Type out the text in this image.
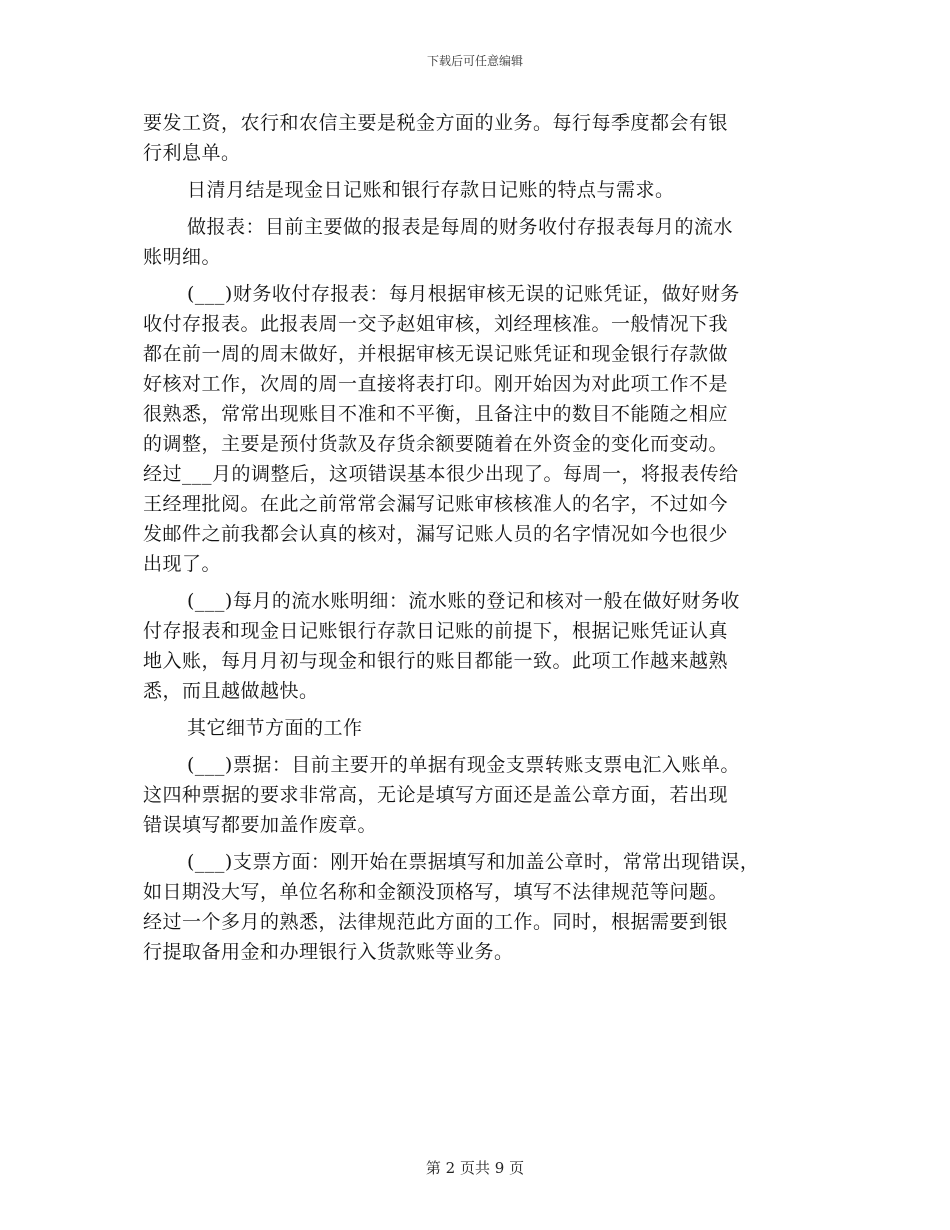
下载后可任意编辑
要发工资，农行和农信主要是税金方面的业务。每行每季度都会有银
行利息单。
日清月结是现金日记账和银行存款日记账的特点与需求。
做报表：目前主要做的报表是每周的财务收付存报表每月的流水
账明细。
(___)财务收付存报表：每月根据审核无误的记账凭证，做好财务
收付存报表。此报表周一交予赵姐审核，刘经理核准。一般情况下我
都在前一周的周末做好，并根据审核无误记账凭证和现金银行存款做
好核对工作，次周的周一直接将表打印。刚开始因为对此项工作不是
很熟悉，常常出现账目不准和不平衡，且备注中的数目不能随之相应
的调整，主要是预付货款及存货余额要随着在外资金的变化而变动。
经过___月的调整后，这项错误基本很少出现了。每周一，将报表传给
王经理批阅。在此之前常常会漏写记账审核核准人的名字，不过如今
发邮件之前我都会认真的核对，漏写记账人员的名字情况如今也很少
出现了。
(___)每月的流水账明细：流水账的登记和核对一般在做好财务收
付存报表和现金日记账银行存款日记账的前提下，根据记账凭证认真
地入账，每月月初与现金和银行的账目都能一致。此项工作越来越熟
悉，而且越做越快。
其它细节方面的工作
(___)票据：目前主要开的单据有现金支票转账支票电汇入账单。
这四种票据的要求非常高，无论是填写方面还是盖公章方面，若出现
错误填写都要加盖作废章。
(___)支票方面：刚开始在票据填写和加盖公章时，常常出现错误，
如日期没大写，单位名称和金额没顶格写，填写不法律规范等问题。
经过一个多月的熟悉，法律规范此方面的工作。同时，根据需要到银
行提取备用金和办理银行入货款账等业务。
第 2 页共 9 页
